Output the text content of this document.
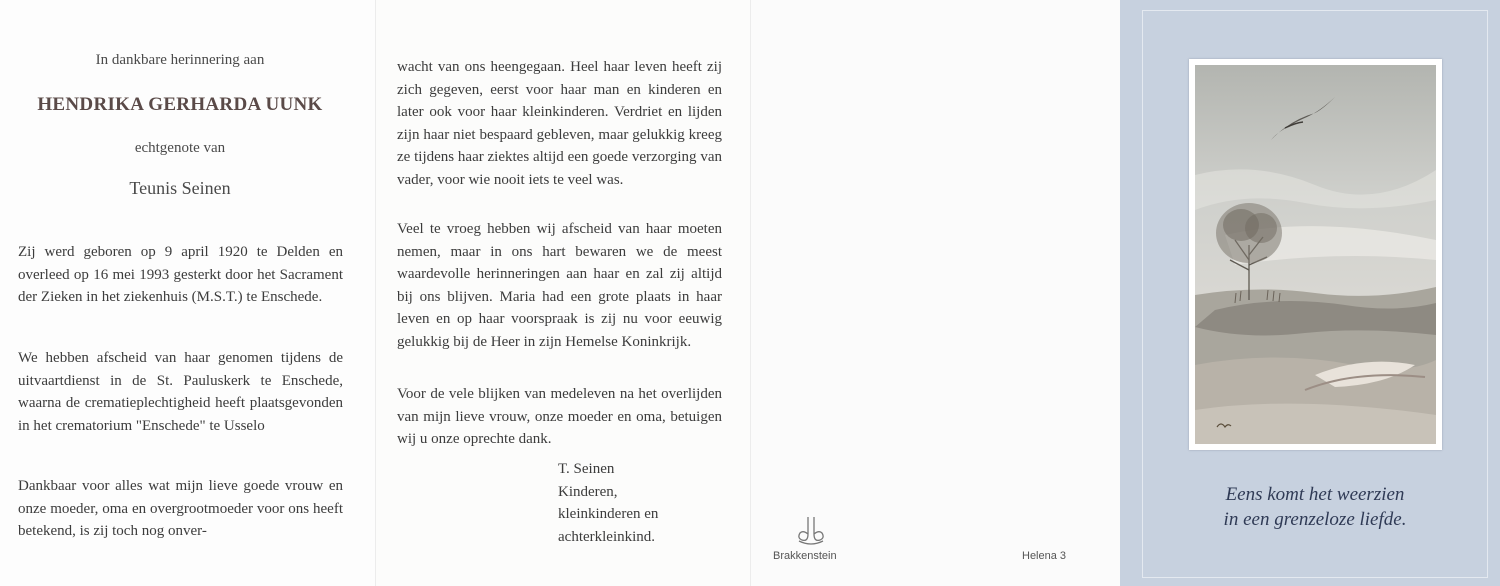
In dankbare herinnering aan
HENDRIKA GERHARDA UUNK
echtgenote van
Teunis Seinen
Zij werd geboren op 9 april 1920 te Delden en overleed op 16 mei 1993 gesterkt door het Sacrament der Zieken in het ziekenhuis (M.S.T.) te Enschede.
We hebben afscheid van haar genomen tijdens de uitvaartdienst in de St. Pauluskerk te Enschede, waarna de crematieplechtigheid heeft plaatsgevonden in het crematorium "Enschede" te Usselo
Dankbaar voor alles wat mijn lieve goede vrouw en onze moeder, oma en overgrootmoeder voor ons heeft betekend, is zij toch nog onver-
wacht van ons heengegaan. Heel haar leven heeft zij zich gegeven, eerst voor haar man en kinderen en later ook voor haar kleinkinderen. Verdriet en lijden zijn haar niet bespaard gebleven, maar gelukkig kreeg ze tijdens haar ziektes altijd een goede verzorging van vader, voor wie nooit iets te veel was.
Veel te vroeg hebben wij afscheid van haar moeten nemen, maar in ons hart bewaren we de meest waardevolle herinneringen aan haar en zal zij altijd bij ons blijven. Maria had een grote plaats in haar leven en op haar voorspraak is zij nu voor eeuwig gelukkig bij de Heer in zijn Hemelse Koninkrijk.
Voor de vele blijken van medeleven na het overlijden van mijn lieve vrouw, onze moeder en oma, betuigen wij u onze oprechte dank.
T. Seinen
Kinderen,
kleinkinderen en
achterkleinkind.
Brakkenstein	Helena 3
Eens komt het weerzien
in een grenzeloze liefde.
